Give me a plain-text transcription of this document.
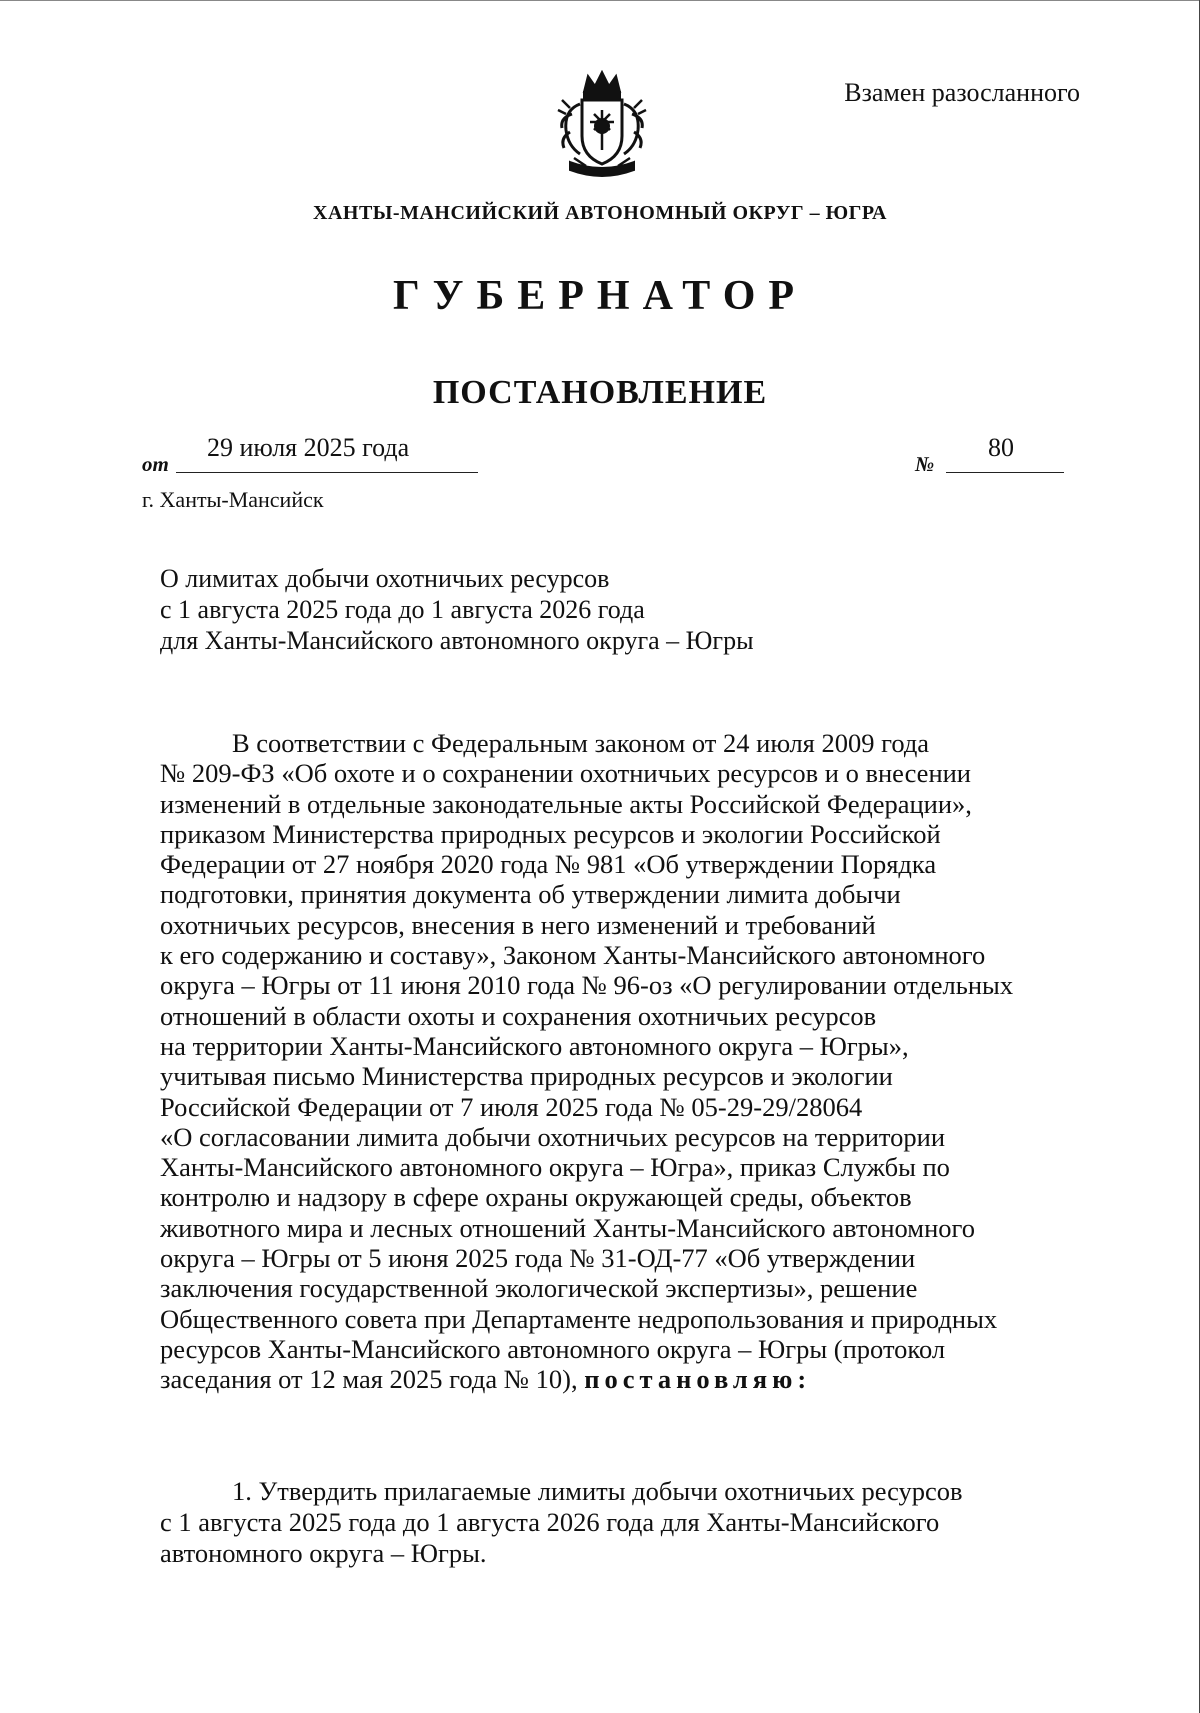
Взамен разосланного
ХАНТЫ-МАНСИЙСКИЙ АВТОНОМНЫЙ ОКРУГ – ЮГРА
ГУБЕРНАТОР
ПОСТАНОВЛЕНИЕ
от
29 июля 2025 года
№
80
г. Ханты-Мансийск
О лимитах добычи охотничьих ресурсов
с 1 августа 2025 года до 1 августа 2026 года
для Ханты-Мансийского автономного округа – Югры
В соответствии с Федеральным законом от 24 июля 2009 года
№ 209-ФЗ «Об охоте и о сохранении охотничьих ресурсов и о внесении
изменений в отдельные законодательные акты Российской Федерации»,
приказом Министерства природных ресурсов и экологии Российской
Федерации от 27 ноября 2020 года № 981 «Об утверждении Порядка
подготовки, принятия документа об утверждении лимита добычи
охотничьих ресурсов, внесения в него изменений и требований
к его содержанию и составу», Законом Ханты-Мансийского автономного
округа – Югры от 11 июня 2010 года № 96-оз «О регулировании отдельных
отношений в области охоты и сохранения охотничьих ресурсов
на территории Ханты-Мансийского автономного округа – Югры»,
учитывая письмо Министерства природных ресурсов и экологии
Российской Федерации от 7 июля 2025 года № 05-29-29/28064
«О согласовании лимита добычи охотничьих ресурсов на территории
Ханты-Мансийского автономного округа – Югра», приказ Службы по
контролю и надзору в сфере охраны окружающей среды, объектов
животного мира и лесных отношений Ханты-Мансийского автономного
округа – Югры от 5 июня 2025 года № 31-ОД-77 «Об утверждении
заключения государственной экологической экспертизы», решение
Общественного совета при Департаменте недропользования и природных
ресурсов Ханты-Мансийского автономного округа – Югры (протокол
заседания от 12 мая 2025 года № 10), постановляю:
1. Утвердить прилагаемые лимиты добычи охотничьих ресурсов
с 1 августа 2025 года до 1 августа 2026 года для Ханты-Мансийского
автономного округа – Югры.
